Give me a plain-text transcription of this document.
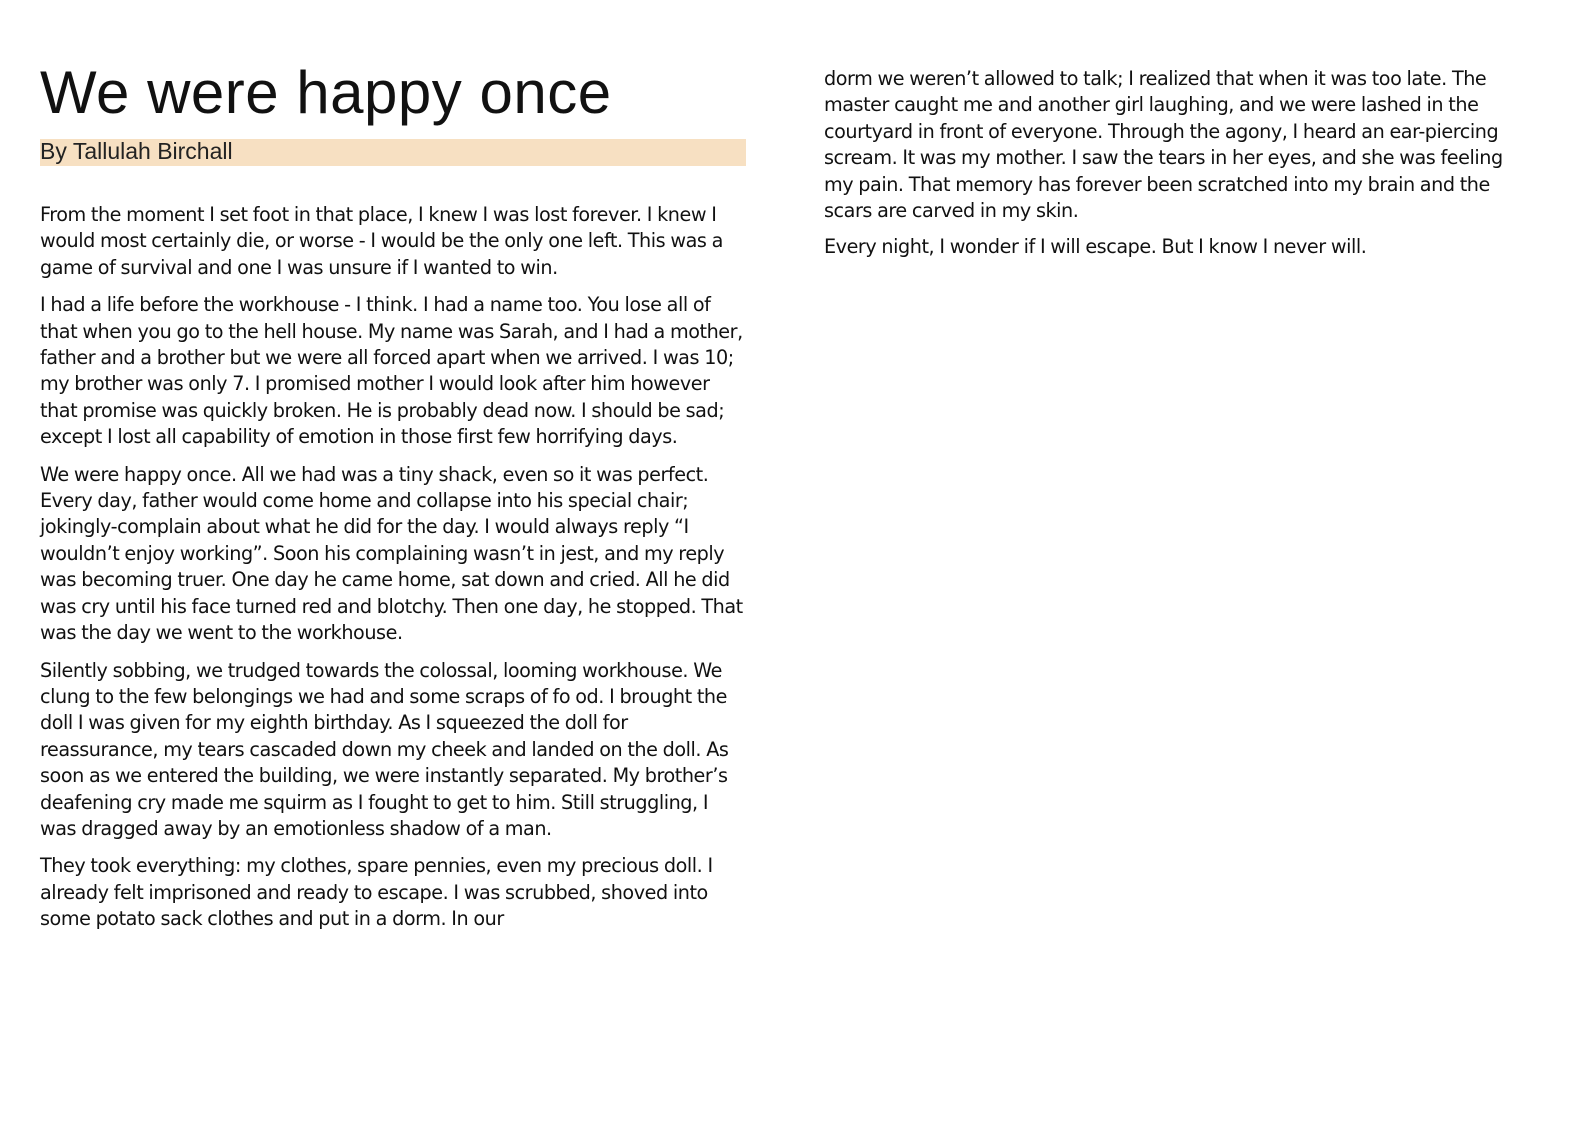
We were happy once
By Tallulah Birchall

From the moment I set foot in that place, I knew I was lost forever. I knew I would most certainly die, or worse - I would be the only one left. This was a game of survival and one I was unsure if I wanted to win.

I had a life before the workhouse - I think. I had a name too. You lose all of that when you go to the hell house. My name was Sarah, and I had a mother, father and a brother but we were all forced apart when we arrived. I was 10; my brother was only 7. I promised mother I would look after him however that promise was quickly broken. He is probably dead now. I should be sad; except I lost all capability of emotion in those first few horrifying days.

We were happy once. All we had was a tiny shack, even so it was perfect. Every day, father would come home and collapse into his special chair; jokingly-complain about what he did for the day. I would always reply “I wouldn’t enjoy working”. Soon his complaining wasn’t in jest, and my reply was becoming truer. One day he came home, sat down and cried. All he did was cry until his face turned red and blotchy. Then one day, he stopped. That was the day we went to the workhouse.

Silently sobbing, we trudged towards the colossal, looming workhouse. We clung to the few belongings we had and some scraps of fo od. I brought the doll I was given for my eighth birthday. As I squeezed the doll for reassurance, my tears cascaded down my cheek and landed on the doll. As soon as we entered the building, we were instantly separated. My brother’s deafening cry made me squirm as I fought to get to him. Still struggling, I was dragged away by an emotionless shadow of a man.

They took everything: my clothes, spare pennies, even my precious doll. I already felt imprisoned and ready to escape. I was scrubbed, shoved into some potato sack clothes and put in a dorm. In our

dorm we weren’t allowed to talk; I realized that when it was too late. The master caught me and another girl laughing, and we were lashed in the courtyard in front of everyone. Through the agony, I heard an ear-piercing scream. It was my mother. I saw the tears in her eyes, and she was feeling my pain. That memory has forever been scratched into my brain and the scars are carved in my skin.

Every night, I wonder if I will escape. But I know I never will.
